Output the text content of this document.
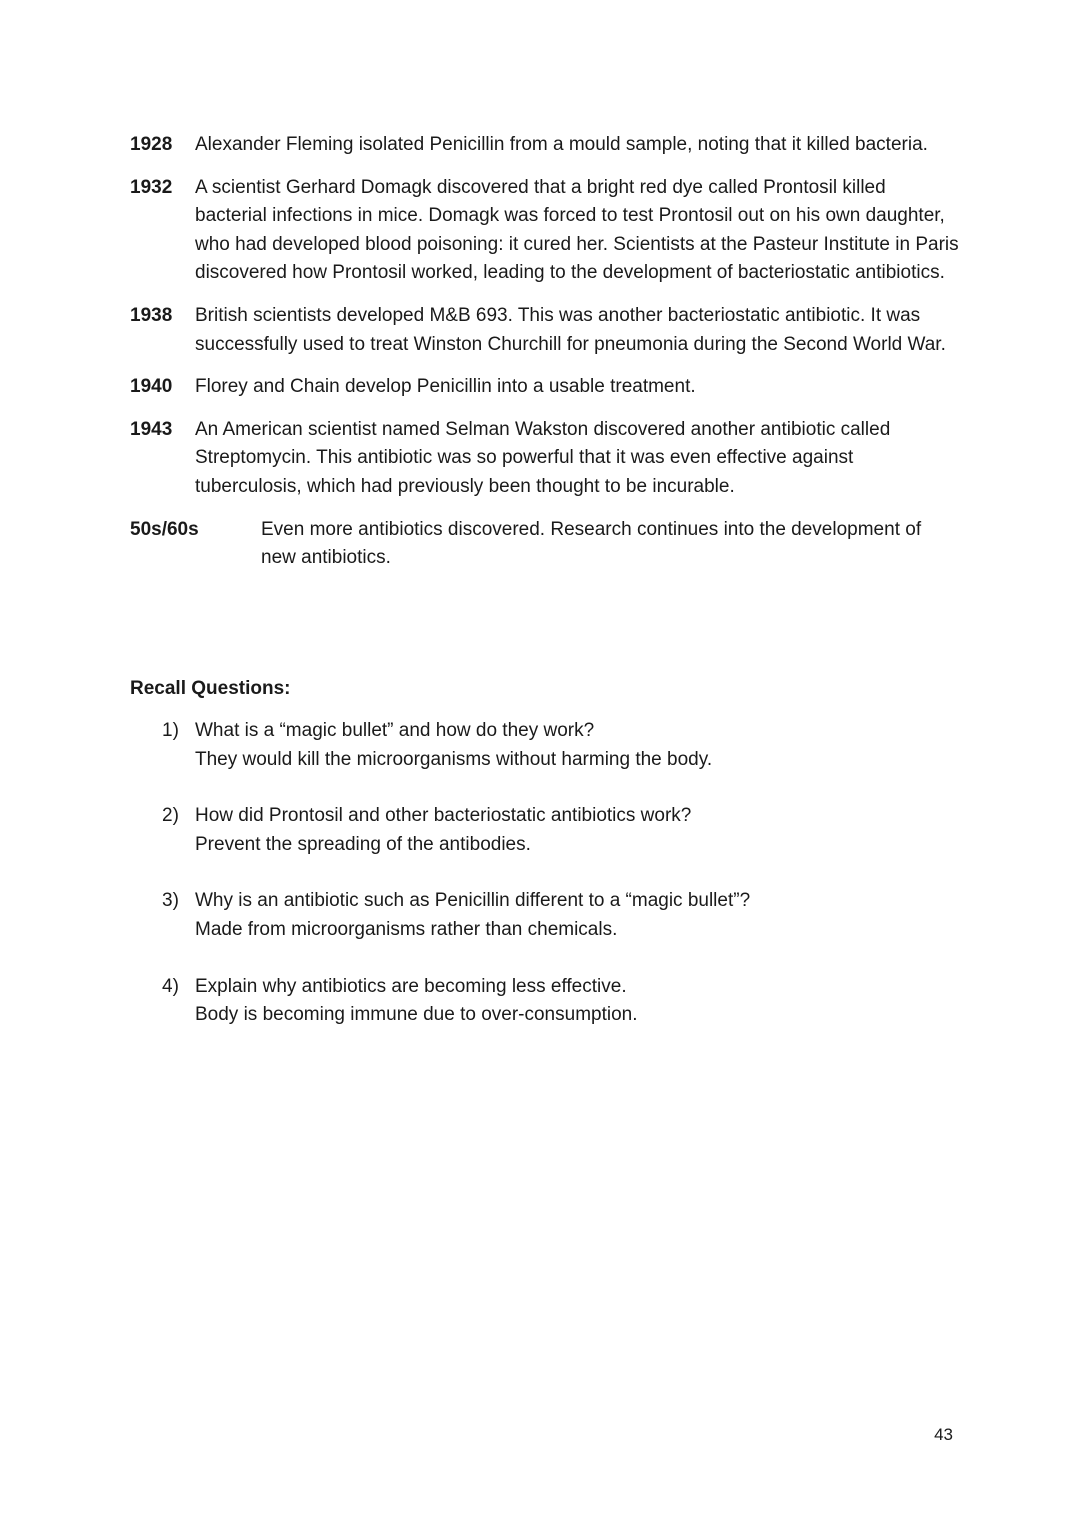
1928	Alexander Fleming isolated Penicillin from a mould sample, noting that it killed bacteria.
1932	A scientist Gerhard Domagk discovered that a bright red dye called Prontosil killed bacterial infections in mice. Domagk was forced to test Prontosil out on his own daughter, who had developed blood poisoning: it cured her. Scientists at the Pasteur Institute in Paris discovered how Prontosil worked, leading to the development of bacteriostatic antibiotics.
1938	British scientists developed M&B 693. This was another bacteriostatic antibiotic. It was successfully used to treat Winston Churchill for pneumonia during the Second World War.
1940	Florey and Chain develop Penicillin into a usable treatment.
1943	An American scientist named Selman Wakston discovered another antibiotic called Streptomycin. This antibiotic was so powerful that it was even effective against tuberculosis, which had previously been thought to be incurable.
50s/60s	Even more antibiotics discovered. Research continues into the development of new antibiotics.
Recall Questions:
1) What is a “magic bullet” and how do they work?
They would kill the microorganisms without harming the body.
2) How did Prontosil and other bacteriostatic antibiotics work?
Prevent the spreading of the antibodies.
3) Why is an antibiotic such as Penicillin different to a “magic bullet”?
Made from microorganisms rather than chemicals.
4) Explain why antibiotics are becoming less effective.
Body is becoming immune due to over-consumption.
43
